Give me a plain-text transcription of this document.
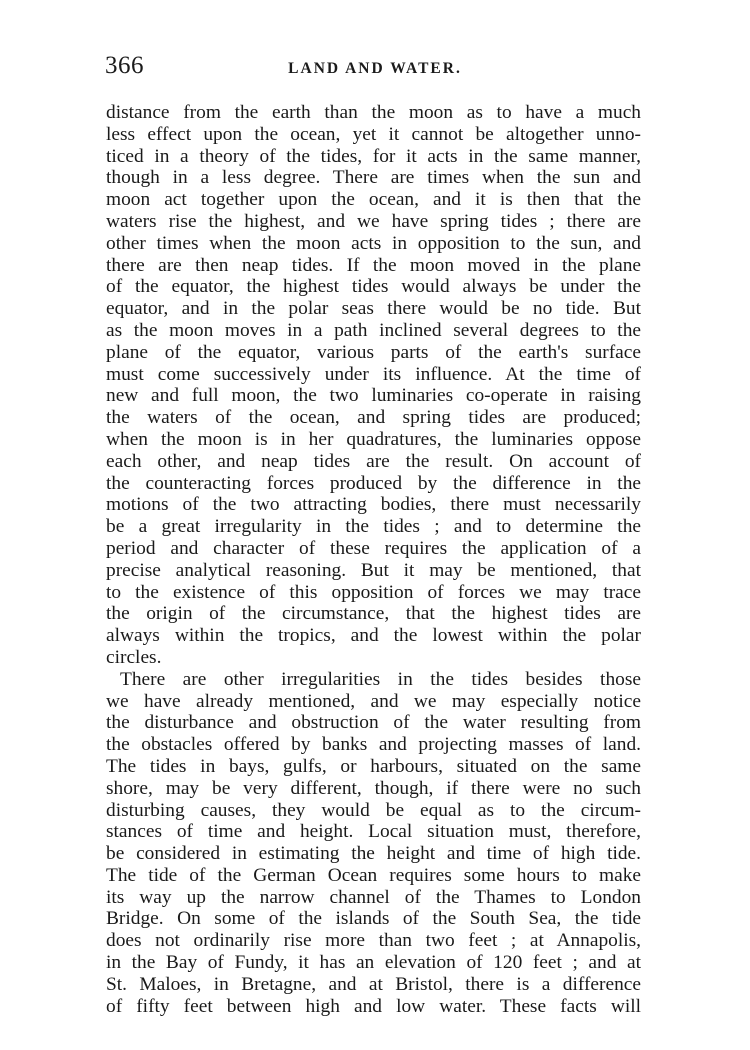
366	LAND AND WATER.
distance from the earth than the moon as to have a much
less effect upon the ocean, yet it cannot be altogether unno-
ticed in a theory of the tides, for it acts in the same manner,
though in a less degree. There are times when the sun and
moon act together upon the ocean, and it is then that the
waters rise the highest, and we have spring tides ; there are
other times when the moon acts in opposition to the sun, and
there are then neap tides. If the moon moved in the plane
of the equator, the highest tides would always be under the
equator, and in the polar seas there would be no tide. But
as the moon moves in a path inclined several degrees to the
plane of the equator, various parts of the earth's surface
must come successively under its influence. At the time of
new and full moon, the two luminaries co-operate in raising
the waters of the ocean, and spring tides are produced;
when the moon is in her quadratures, the luminaries oppose
each other, and neap tides are the result. On account of
the counteracting forces produced by the difference in the
motions of the two attracting bodies, there must necessarily
be a great irregularity in the tides ; and to determine the
period and character of these requires the application of a
precise analytical reasoning. But it may be mentioned, that
to the existence of this opposition of forces we may trace
the origin of the circumstance, that the highest tides are
always within the tropics, and the lowest within the polar
circles.
There are other irregularities in the tides besides those
we have already mentioned, and we may especially notice
the disturbance and obstruction of the water resulting from
the obstacles offered by banks and projecting masses of land.
The tides in bays, gulfs, or harbours, situated on the same
shore, may be very different, though, if there were no such
disturbing causes, they would be equal as to the circum-
stances of time and height. Local situation must, therefore,
be considered in estimating the height and time of high tide.
The tide of the German Ocean requires some hours to make
its way up the narrow channel of the Thames to London
Bridge. On some of the islands of the South Sea, the tide
does not ordinarily rise more than two feet ; at Annapolis,
in the Bay of Fundy, it has an elevation of 120 feet ; and at
St. Maloes, in Bretagne, and at Bristol, there is a difference
of fifty feet between high and low water. These facts will
